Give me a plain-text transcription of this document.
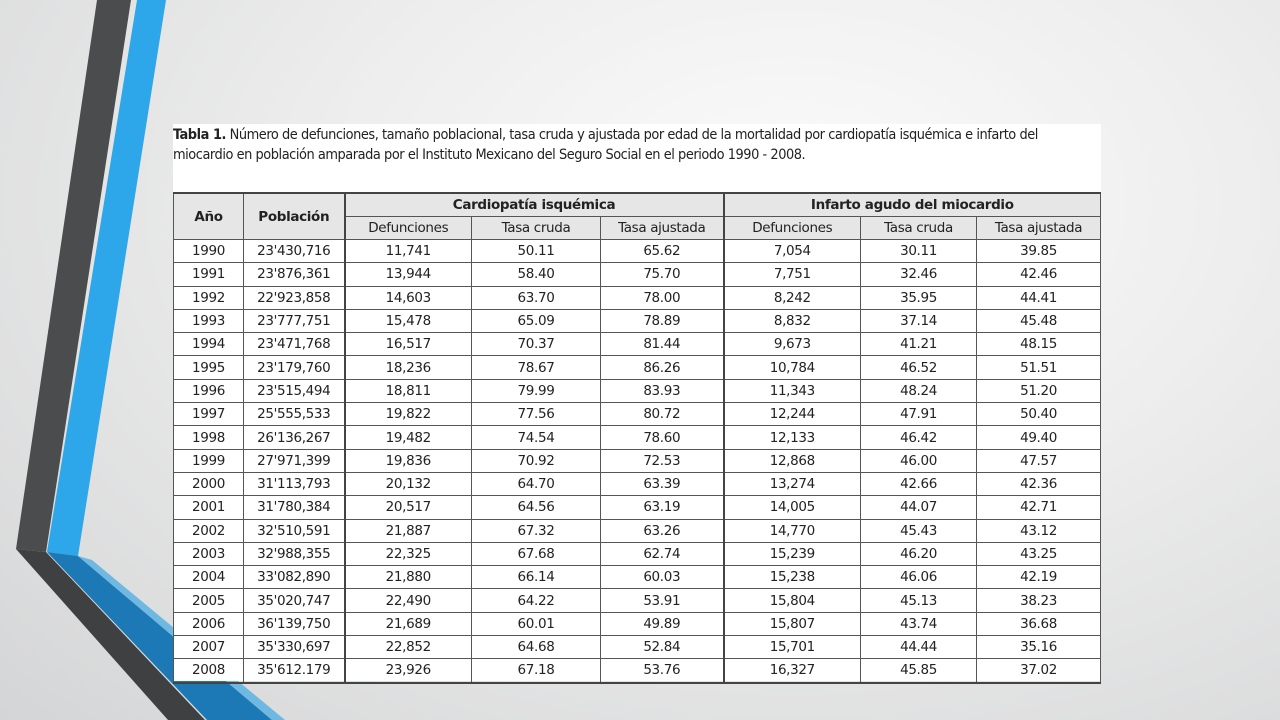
Tabla 1. Número de defunciones, tamaño poblacional, tasa cruda y ajustada por edad de la mortalidad por cardiopatía isquémica e infarto del miocardio en población amparada por el Instituto Mexicano del Seguro Social en el periodo 1990 - 2008.
Año	Población	Cardiopatía isquémica			Infarto agudo del miocardio		
		Defunciones	Tasa cruda	Tasa ajustada	Defunciones	Tasa cruda	Tasa ajustada
1990	23'430,716	11,741	50.11	65.62	7,054	30.11	39.85
1991	23'876,361	13,944	58.40	75.70	7,751	32.46	42.46
1992	22'923,858	14,603	63.70	78.00	8,242	35.95	44.41
1993	23'777,751	15,478	65.09	78.89	8,832	37.14	45.48
1994	23'471,768	16,517	70.37	81.44	9,673	41.21	48.15
1995	23'179,760	18,236	78.67	86.26	10,784	46.52	51.51
1996	23'515,494	18,811	79.99	83.93	11,343	48.24	51.20
1997	25'555,533	19,822	77.56	80.72	12,244	47.91	50.40
1998	26'136,267	19,482	74.54	78.60	12,133	46.42	49.40
1999	27'971,399	19,836	70.92	72.53	12,868	46.00	47.57
2000	31'113,793	20,132	64.70	63.39	13,274	42.66	42.36
2001	31'780,384	20,517	64.56	63.19	14,005	44.07	42.71
2002	32'510,591	21,887	67.32	63.26	14,770	45.43	43.12
2003	32'988,355	22,325	67.68	62.74	15,239	46.20	43.25
2004	33'082,890	21,880	66.14	60.03	15,238	46.06	42.19
2005	35'020,747	22,490	64.22	53.91	15,804	45.13	38.23
2006	36'139,750	21,689	60.01	49.89	15,807	43.74	36.68
2007	35'330,697	22,852	64.68	52.84	15,701	44.44	35.16
2008	35'612.179	23,926	67.18	53.76	16,327	45.85	37.02
